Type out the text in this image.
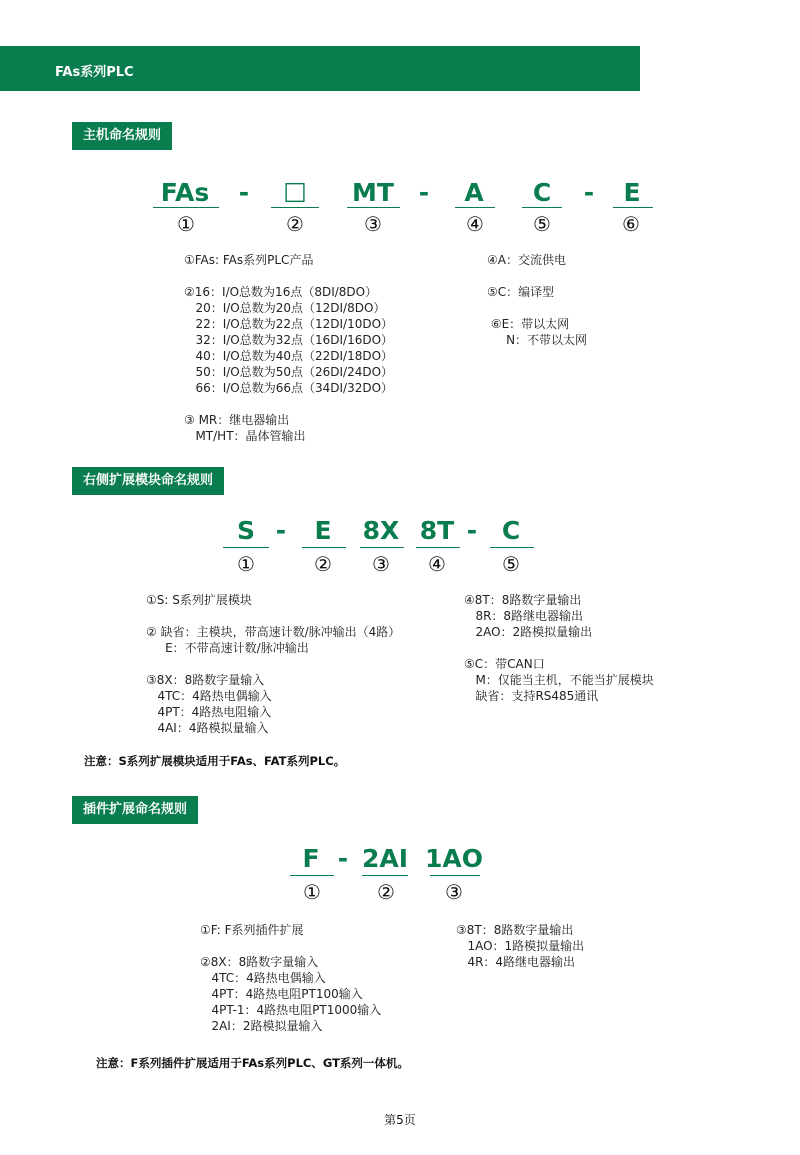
FAs系列PLC
主机命名规则
FAs	-	□	MT -	A	C	-	E
①	②	③	④	⑤	⑥
①FAs: FAs系列PLC产品
②16：I/O总数为16点（8DI/8DO）
20：I/O总数为20点（12DI/8DO）
22：I/O总数为22点（12DI/10DO）
32：I/O总数为32点（16DI/16DO）
40：I/O总数为40点（22DI/18DO）
50：I/O总数为50点（26DI/24DO）
66：I/O总数为66点（34DI/32DO）
③ MR：继电器输出
MT/HT：晶体管输出
④A：交流供电
⑤C：编译型
⑥E：带以太网
N：不带以太网
右侧扩展模块命名规则
S -	E	8X 8T - C
①	②	③	④	⑤
①S: S系列扩展模块
② 缺省：主模块，带高速计数/脉冲输出（4路）
E：不带高速计数/脉冲输出
③8X：8路数字量输入
4TC：4路热电偶输入
4PT：4路热电阻输入
4AI：4路模拟量输入
④8T：8路数字量输出
8R：8路继电器输出
2AO：2路模拟量输出
⑤C：带CAN口
M：仅能当主机，不能当扩展模块
缺省：支持RS485通讯
注意：S系列扩展模块适用于FAs、FAT系列PLC。
插件扩展命名规则
F - 2AI 1AO
①	②	③
①F: F系列插件扩展
②8X：8路数字量输入
4TC：4路热电偶输入
4PT：4路热电阻PT100输入
4PT-1：4路热电阻PT1000输入
2AI：2路模拟量输入
③8T：8路数字量输出
1AO：1路模拟量输出
4R：4路继电器输出
注意：F系列插件扩展适用于FAs系列PLC、GT系列一体机。
第5页
